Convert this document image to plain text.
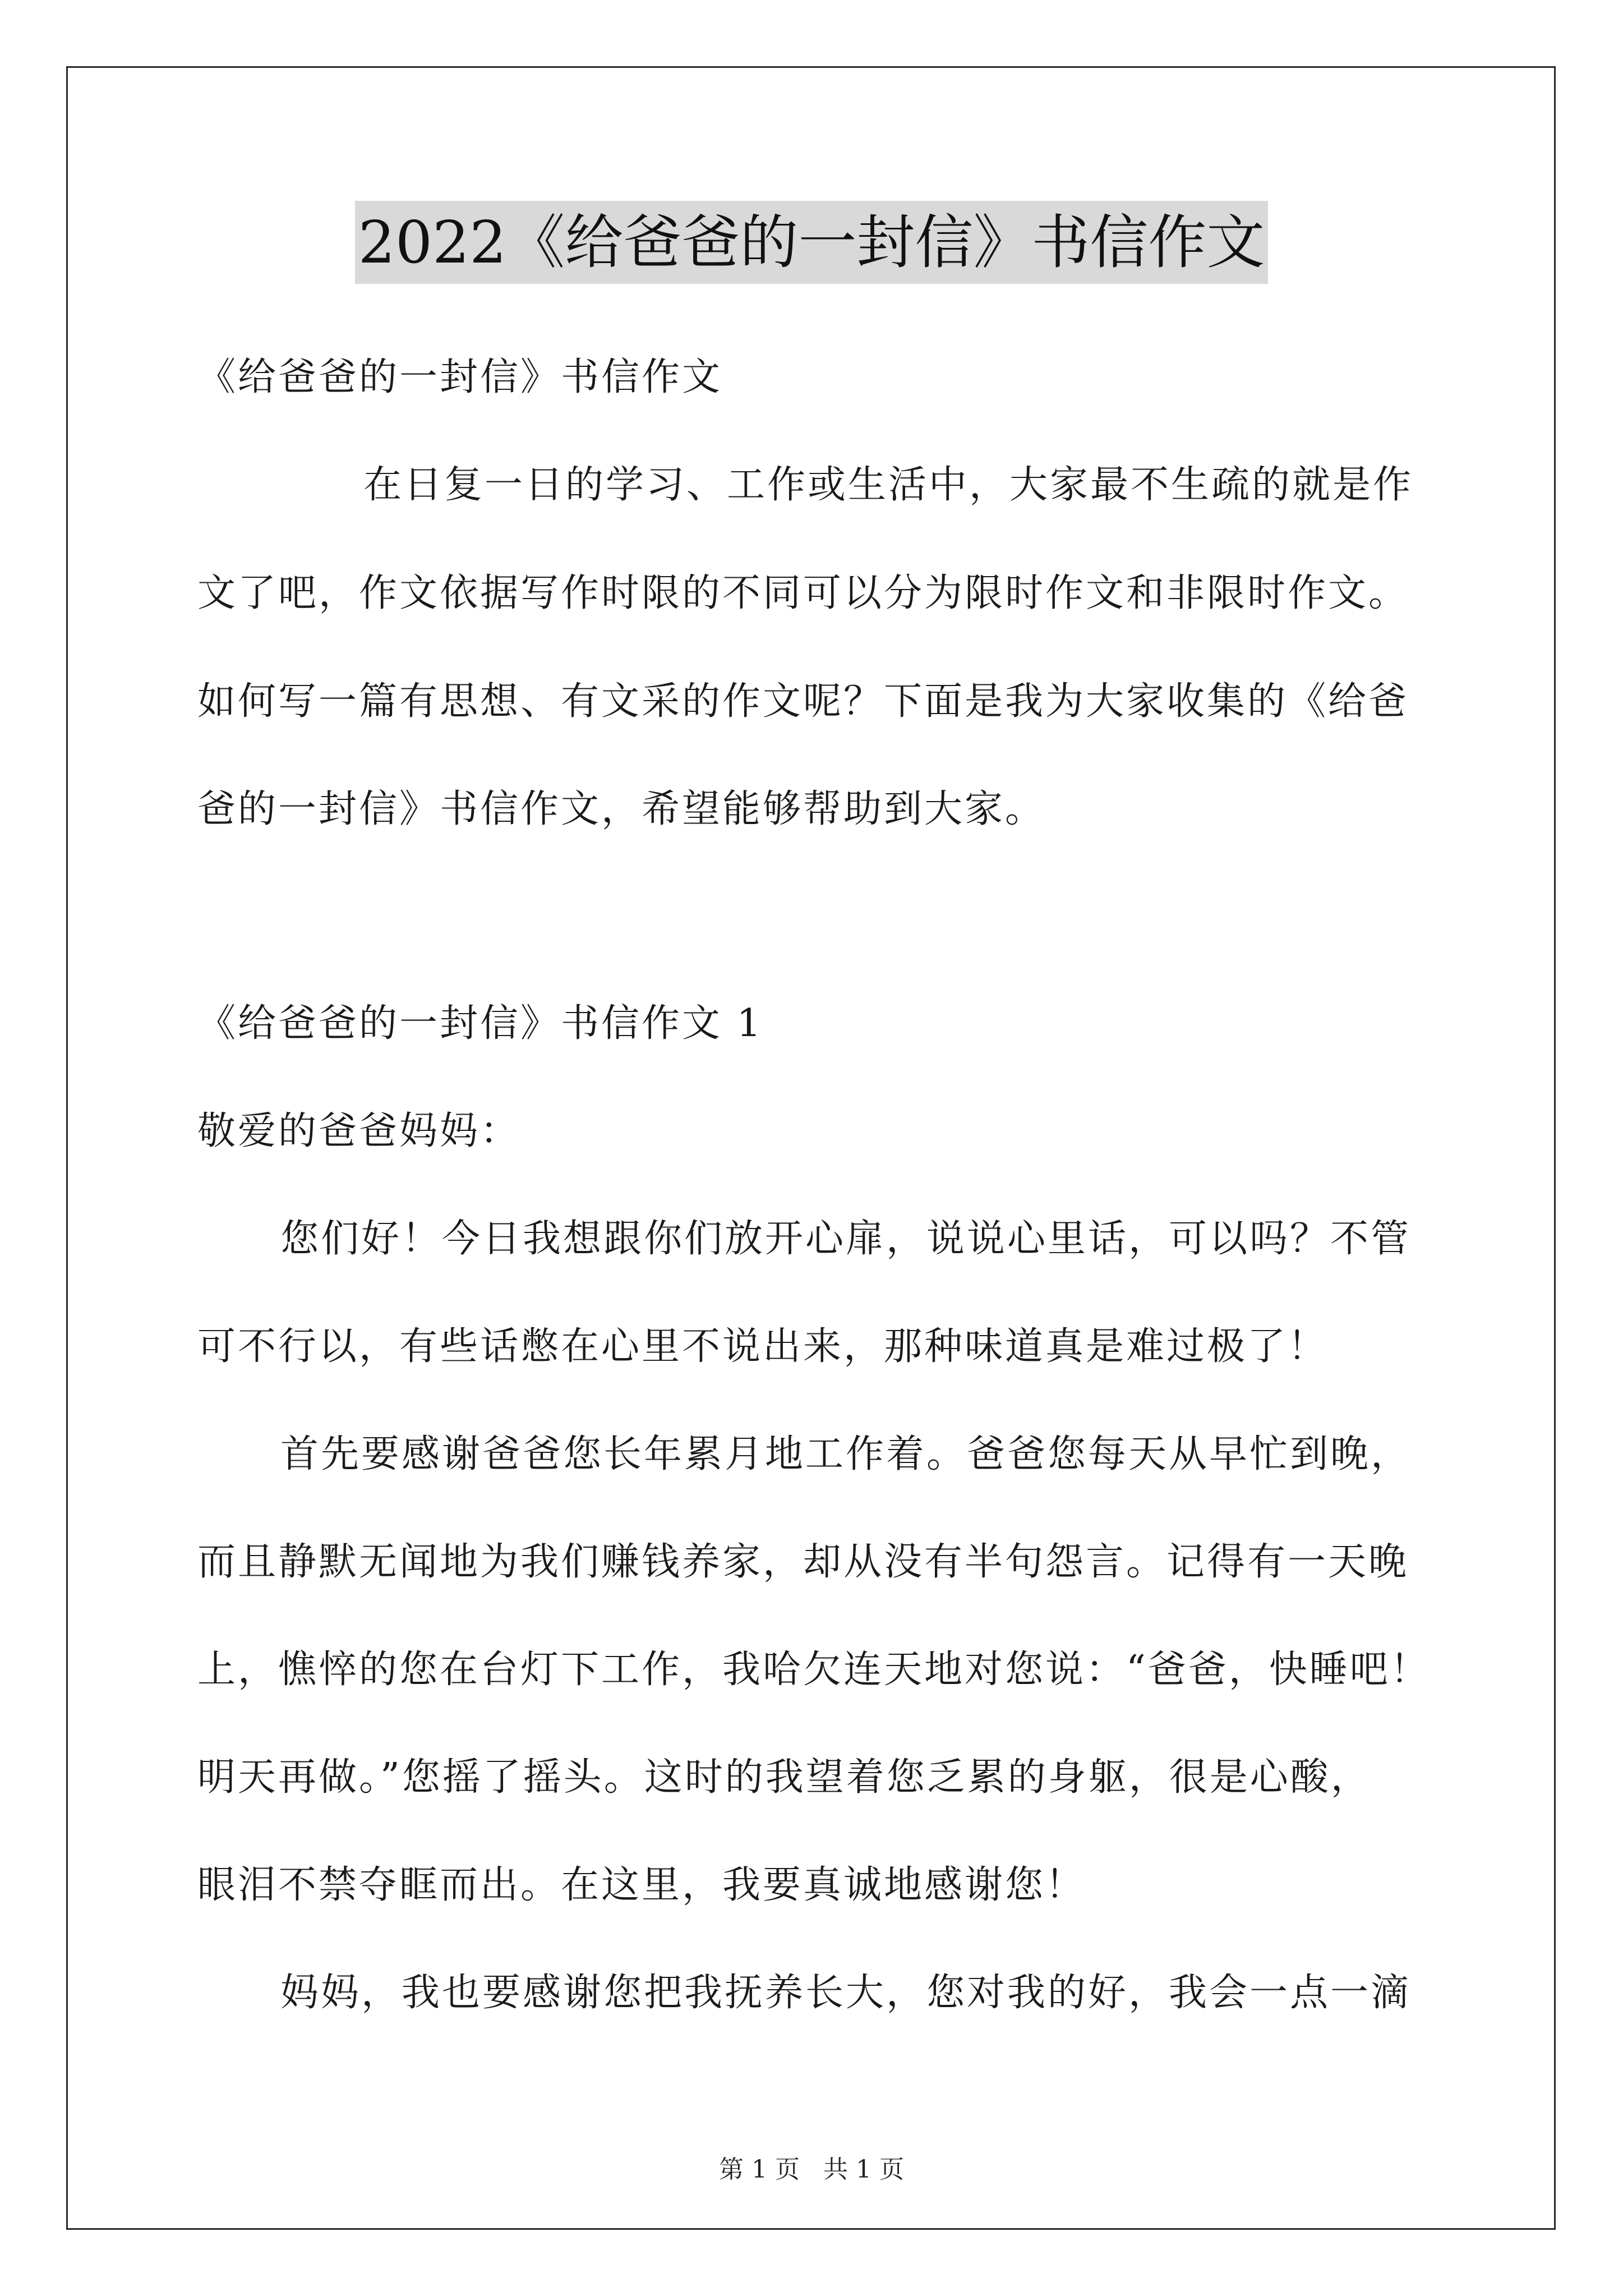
2022《给爸爸的一封信》书信作文
《给爸爸的一封信》书信作文
在日复一日的学习、工作或生活中，大家最不生疏的就是作
文了吧，作文依据写作时限的不同可以分为限时作文和非限时作文。
如何写一篇有思想、有文采的作文呢？下面是我为大家收集的《给爸
爸的一封信》书信作文，希望能够帮助到大家。
《给爸爸的一封信》书信作文 1
敬爱的爸爸妈妈：
您们好！今日我想跟你们放开心扉，说说心里话，可以吗？不管
可不行以，有些话憋在心里不说出来，那种味道真是难过极了！
首先要感谢爸爸您长年累月地工作着。爸爸您每天从早忙到晚，
而且静默无闻地为我们赚钱养家，却从没有半句怨言。记得有一天晚
上，憔悴的您在台灯下工作，我哈欠连天地对您说：“爸爸，快睡吧！
明天再做。”您摇了摇头。这时的我望着您乏累的身躯，很是心酸，
眼泪不禁夺眶而出。在这里，我要真诚地感谢您！
妈妈，我也要感谢您把我抚养长大，您对我的好，我会一点一滴
第 1 页 共 1 页
